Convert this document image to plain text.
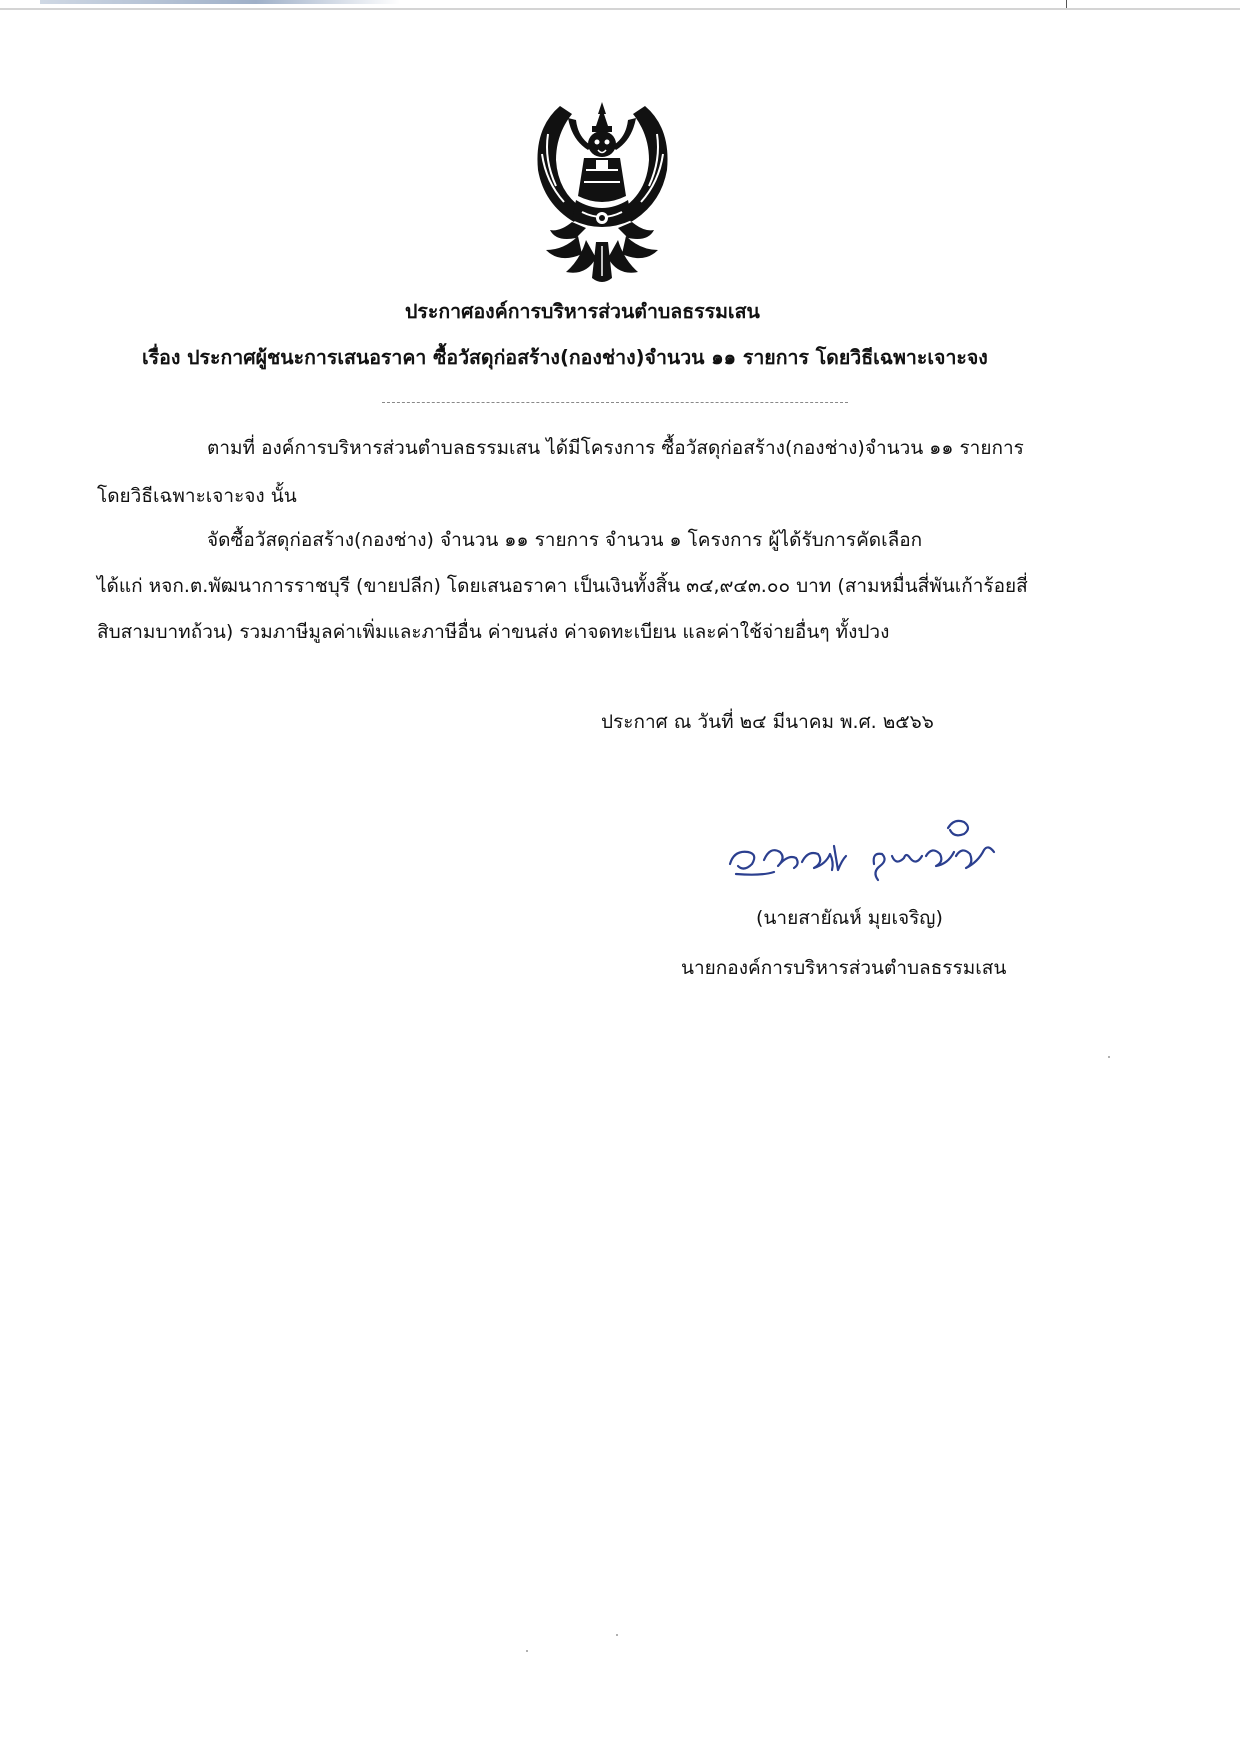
ประกาศองค์การบริหารส่วนตำบลธรรมเสน
เรื่อง ประกาศผู้ชนะการเสนอราคา ซื้อวัสดุก่อสร้าง(กองช่าง)จำนวน ๑๑ รายการ โดยวิธีเฉพาะเจาะจง
ตามที่ องค์การบริหารส่วนตำบลธรรมเสน ได้มีโครงการ ซื้อวัสดุก่อสร้าง(กองช่าง)จำนวน ๑๑ รายการ
โดยวิธีเฉพาะเจาะจง นั้น
จัดซื้อวัสดุก่อสร้าง(กองช่าง) จำนวน ๑๑ รายการ จำนวน ๑ โครงการ ผู้ได้รับการคัดเลือก
ได้แก่ หจก.ต.พัฒนาการราชบุรี (ขายปลีก) โดยเสนอราคา เป็นเงินทั้งสิ้น ๓๔,๙๔๓.๐๐ บาท (สามหมื่นสี่พันเก้าร้อยสี่
สิบสามบาทถ้วน) รวมภาษีมูลค่าเพิ่มและภาษีอื่น ค่าขนส่ง ค่าจดทะเบียน และค่าใช้จ่ายอื่นๆ ทั้งปวง
ประกาศ ณ วันที่ ๒๔ มีนาคม พ.ศ. ๒๕๖๖
(นายสายัณห์ มุยเจริญ)
นายกองค์การบริหารส่วนตำบลธรรมเสน
